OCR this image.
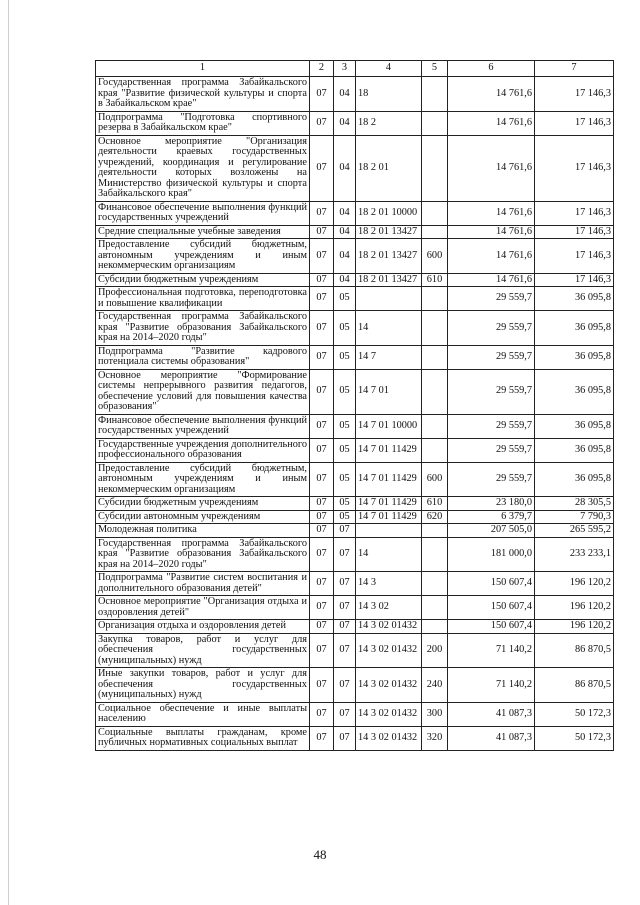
1	2	3	4	5	6	7
Государственная программа Забайкальского края "Развитие физической культуры и спорта в Забайкальском крае"	07	04	18		14 761,6	17 146,3
Подпрограмма "Подготовка спортивного резерва в Забайкальском крае"	07	04	18 2		14 761,6	17 146,3
Основное мероприятие "Организация деятельности краевых государственных учреждений, координация и регулирование деятельности которых возложены на Министерство физической культуры и спорта Забайкальского края"	07	04	18 2 01		14 761,6	17 146,3
Финансовое обеспечение выполнения функций государственных учреждений	07	04	18 2 01 10000		14 761,6	17 146,3
Средние специальные учебные заведения	07	04	18 2 01 13427		14 761,6	17 146,3
Предоставление субсидий бюджетным, автономным учреждениям и иным некоммерческим организациям	07	04	18 2 01 13427	600	14 761,6	17 146,3
Субсидии бюджетным учреждениям	07	04	18 2 01 13427	610	14 761,6	17 146,3
Профессиональная подготовка, переподготовка и повышение квалификации	07	05			29 559,7	36 095,8
Государственная программа Забайкальского края "Развитие образования Забайкальского края на 2014–2020 годы"	07	05	14		29 559,7	36 095,8
Подпрограмма "Развитие кадрового потенциала системы образования"	07	05	14 7		29 559,7	36 095,8
Основное мероприятие "Формирование системы непрерывного развития педагогов, обеспечение условий для повышения качества образования"	07	05	14 7 01		29 559,7	36 095,8
Финансовое обеспечение выполнения функций государственных учреждений	07	05	14 7 01 10000		29 559,7	36 095,8
Государственные учреждения дополнительного профессионального образования	07	05	14 7 01 11429		29 559,7	36 095,8
Предоставление субсидий бюджетным, автономным учреждениям и иным некоммерческим организациям	07	05	14 7 01 11429	600	29 559,7	36 095,8
Субсидии бюджетным учреждениям	07	05	14 7 01 11429	610	23 180,0	28 305,5
Субсидии автономным учреждениям	07	05	14 7 01 11429	620	6 379,7	7 790,3
Молодежная политика	07	07			207 505,0	265 595,2
Государственная программа Забайкальского края "Развитие образования Забайкальского края на 2014–2020 годы"	07	07	14		181 000,0	233 233,1
Подпрограмма "Развитие систем воспитания и дополнительного образования детей"	07	07	14 3		150 607,4	196 120,2
Основное мероприятие "Организация отдыха и оздоровления детей"	07	07	14 3 02		150 607,4	196 120,2
Организация отдыха и оздоровления детей	07	07	14 3 02 01432		150 607,4	196 120,2
Закупка товаров, работ и услуг для обеспечения государственных (муниципальных) нужд	07	07	14 3 02 01432	200	71 140,2	86 870,5
Иные закупки товаров, работ и услуг для обеспечения государственных (муниципальных) нужд	07	07	14 3 02 01432	240	71 140,2	86 870,5
Социальное обеспечение и иные выплаты населению	07	07	14 3 02 01432	300	41 087,3	50 172,3
Социальные выплаты гражданам, кроме публичных нормативных социальных выплат	07	07	14 3 02 01432	320	41 087,3	50 172,3
48
